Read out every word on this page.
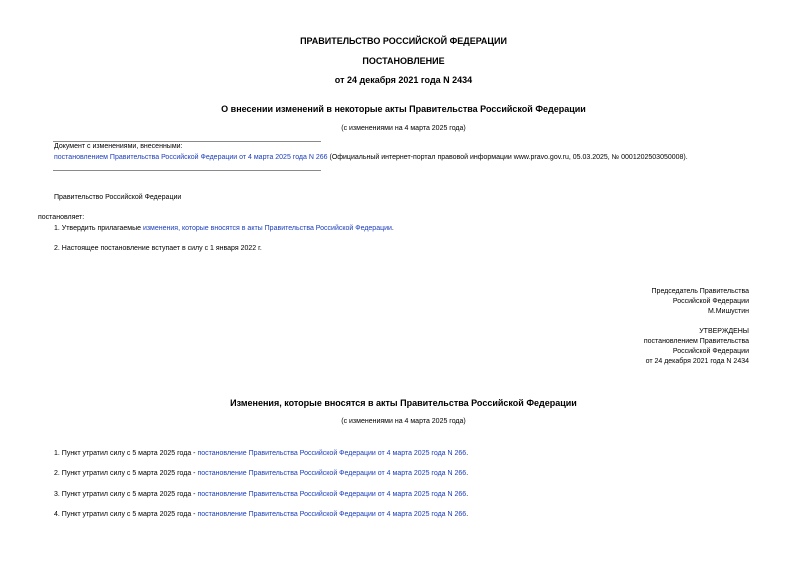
ПРАВИТЕЛЬСТВО РОССИЙСКОЙ ФЕДЕРАЦИИ
ПОСТАНОВЛЕНИЕ
от 24 декабря 2021 года N 2434
О внесении изменений в некоторые акты Правительства Российской Федерации
(с изменениями на 4 марта 2025 года)
Документ с изменениями, внесенными:
постановлением Правительства Российской Федерации от 4 марта 2025 года N 266 (Официальный интернет-портал правовой информации www.pravo.gov.ru, 05.03.2025, № 0001202503050008).
Правительство Российской Федерации
постановляет:
1. Утвердить прилагаемые изменения, которые вносятся в акты Правительства Российской Федерации.
2. Настоящее постановление вступает в силу с 1 января 2022 г.
Председатель Правительства
Российской Федерации
М.Мишустин
УТВЕРЖДЕНЫ
постановлением Правительства
Российской Федерации
от 24 декабря 2021 года N 2434
Изменения, которые вносятся в акты Правительства Российской Федерации
(с изменениями на 4 марта 2025 года)
1. Пункт утратил силу с 5 марта 2025 года - постановление Правительства Российской Федерации от 4 марта 2025 года N 266.
2. Пункт утратил силу с 5 марта 2025 года - постановление Правительства Российской Федерации от 4 марта 2025 года N 266.
3. Пункт утратил силу с 5 марта 2025 года - постановление Правительства Российской Федерации от 4 марта 2025 года N 266.
4. Пункт утратил силу с 5 марта 2025 года - постановление Правительства Российской Федерации от 4 марта 2025 года N 266.
